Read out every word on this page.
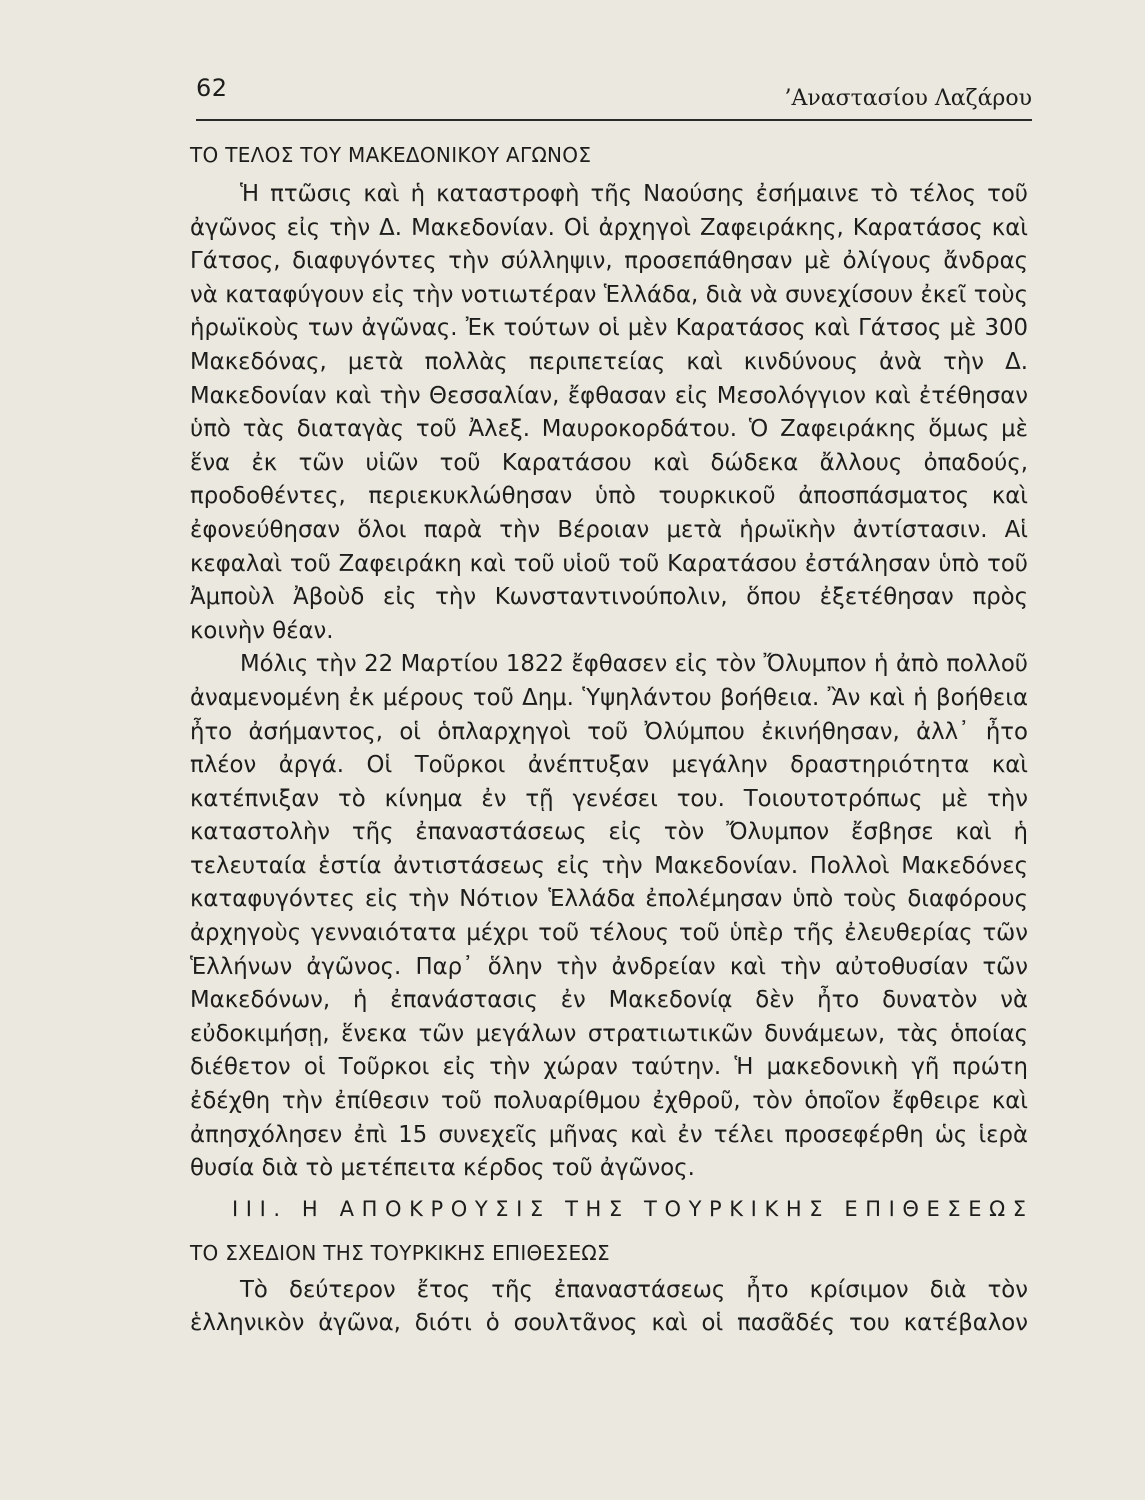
62	’Αναστασίου Λαζάρου
ΤΟ ΤΕΛΟΣ ΤΟΥ ΜΑΚΕΔΟΝΙΚΟΥ ΑΓΩΝΟΣ

Ἡ πτῶσις καὶ ἡ καταστροφὴ τῆς Ναούσης ἐσήμαινε τὸ τέλος τοῦ ἀγῶνος εἰς τὴν Δ. Μακεδονίαν. Οἱ ἀρχηγοὶ Ζαφειράκης, Καρατάσος καὶ Γάτσος, διαφυγόντες τὴν σύλληψιν, προσεπάθησαν μὲ ὀλίγους ἄνδρας νὰ καταφύγουν εἰς τὴν νοτιωτέραν Ἑλλάδα, διὰ νὰ συνεχίσουν ἐκεῖ τοὺς ἡρωϊκοὺς των ἀγῶνας. Ἐκ τούτων οἱ μὲν Καρατάσος καὶ Γάτσος μὲ 300 Μακεδόνας, μετὰ πολλὰς περιπετείας καὶ κινδύνους ἀνὰ τὴν Δ. Μακεδονίαν καὶ τὴν Θεσσαλίαν, ἔφθασαν εἰς Μεσολόγγιον καὶ ἐτέθησαν ὑπὸ τὰς διαταγὰς τοῦ Ἀλεξ. Μαυροκορδάτου. Ὁ Ζαφειράκης ὅμως μὲ ἕνα ἐκ τῶν υἱῶν τοῦ Καρατάσου καὶ δώδεκα ἄλλους ὀπαδούς, προδοθέντες, περιεκυκλώθησαν ὑπὸ τουρκικοῦ ἀποσπάσματος καὶ ἐφονεύθησαν ὅλοι παρὰ τὴν Βέροιαν μετὰ ἡρωϊκὴν ἀντίστασιν. Αἱ κεφαλαὶ τοῦ Ζαφειράκη καὶ τοῦ υἱοῦ τοῦ Καρατάσου ἐστάλησαν ὑπὸ τοῦ Ἀμποὺλ Ἀβοὺδ εἰς τὴν Κωνσταντινούπολιν, ὅπου ἐξετέθησαν πρὸς κοινὴν θέαν.

Μόλις τὴν 22 Μαρτίου 1822 ἔφθασεν εἰς τὸν Ὄλυμπον ἡ ἀπὸ πολλοῦ ἀναμενομένη ἐκ μέρους τοῦ Δημ. Ὑψηλάντου βοήθεια. Ἂν καὶ ἡ βοήθεια ἦτο ἀσήμαντος, οἱ ὁπλαρχηγοὶ τοῦ Ὀλύμπου ἐκινήθησαν, ἀλλ᾿ ἦτο πλέον ἀργά. Οἱ Τοῦρκοι ἀνέπτυξαν μεγάλην δραστηριότητα καὶ κατέπνιξαν τὸ κίνημα ἐν τῇ γενέσει του. Τοιουτοτρόπως μὲ τὴν καταστολὴν τῆς ἐπαναστάσεως εἰς τὸν Ὄλυμπον ἔσβησε καὶ ἡ τελευταία ἑστία ἀντιστάσεως εἰς τὴν Μακεδονίαν. Πολλοὶ Μακεδόνες καταφυγόντες εἰς τὴν Νότιον Ἑλλάδα ἐπολέμησαν ὑπὸ τοὺς διαφόρους ἀρχηγοὺς γενναιότατα μέχρι τοῦ τέλους τοῦ ὑπὲρ τῆς ἐλευθερίας τῶν Ἑλλήνων ἀγῶνος. Παρ᾿ ὅλην τὴν ἀνδρείαν καὶ τὴν αὐτοθυσίαν τῶν Μακεδόνων, ἡ ἐπανάστασις ἐν Μακεδονίᾳ δὲν ἦτο δυνατὸν νὰ εὐδοκιμήσῃ, ἕνεκα τῶν μεγάλων στρατιωτικῶν δυνάμεων, τὰς ὁποίας διέθετον οἱ Τοῦρκοι εἰς τὴν χώραν ταύτην. Ἡ μακεδονικὴ γῆ πρώτη ἐδέχθη τὴν ἐπίθεσιν τοῦ πολυαρίθμου ἐχθροῦ, τὸν ὁποῖον ἔφθειρε καὶ ἀπησχόλησεν ἐπὶ 15 συνεχεῖς μῆνας καὶ ἐν τέλει προσεφέρθη ὡς ἱερὰ θυσία διὰ τὸ μετέπειτα κέρδος τοῦ ἀγῶνος.

ΙΙΙ. Η ΑΠΟΚΡΟΥΣΙΣ ΤΗΣ ΤΟΥΡΚΙΚΗΣ ΕΠΙΘΕΣΕΩΣ
ΤΟ ΣΧΕΔΙΟΝ ΤΗΣ ΤΟΥΡΚΙΚΗΣ ΕΠΙΘΕΣΕΩΣ

Τὸ δεύτερον ἔτος τῆς ἐπαναστάσεως ἦτο κρίσιμον διὰ τὸν ἑλληνικὸν ἀγῶνα, διότι ὁ σουλτᾶνος καὶ οἱ πασᾶδές του κατέβαλον
